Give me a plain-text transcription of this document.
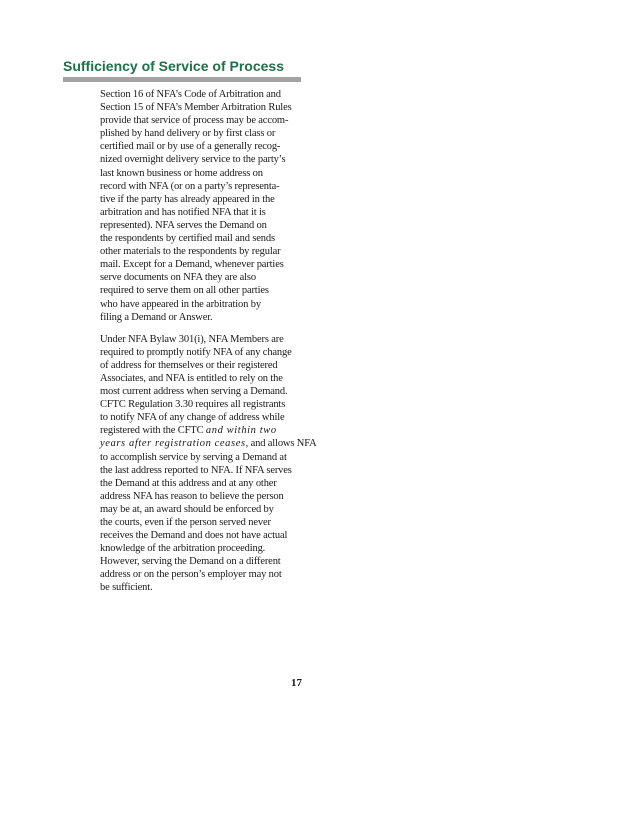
Sufficiency of Service of Process
Section 16 of NFA’s Code of Arbitration and
Section 15 of NFA’s Member Arbitration Rules
provide that service of process may be accom-
plished by hand delivery or by first class or
certified mail or by use of a generally recog-
nized overnight delivery service to the party’s
last known business or home address on
record with NFA (or on a party’s representa-
tive if the party has already appeared in the
arbitration and has notified NFA that it is
represented). NFA serves the Demand on
the respondents by certified mail and sends
other materials to the respondents by regular
mail. Except for a Demand, whenever parties
serve documents on NFA they are also
required to serve them on all other parties
who have appeared in the arbitration by
filing a Demand or Answer.
Under NFA Bylaw 301(i), NFA Members are
required to promptly notify NFA of any change
of address for themselves or their registered
Associates, and NFA is entitled to rely on the
most current address when serving a Demand.
CFTC Regulation 3.30 requires all registrants
to notify NFA of any change of address while
registered with the CFTC and within two
years after registration ceases, and allows NFA
to accomplish service by serving a Demand at
the last address reported to NFA. If NFA serves
the Demand at this address and at any other
address NFA has reason to believe the person
may be at, an award should be enforced by
the courts, even if the person served never
receives the Demand and does not have actual
knowledge of the arbitration proceeding.
However, serving the Demand on a different
address or on the person’s employer may not
be sufficient.
17
